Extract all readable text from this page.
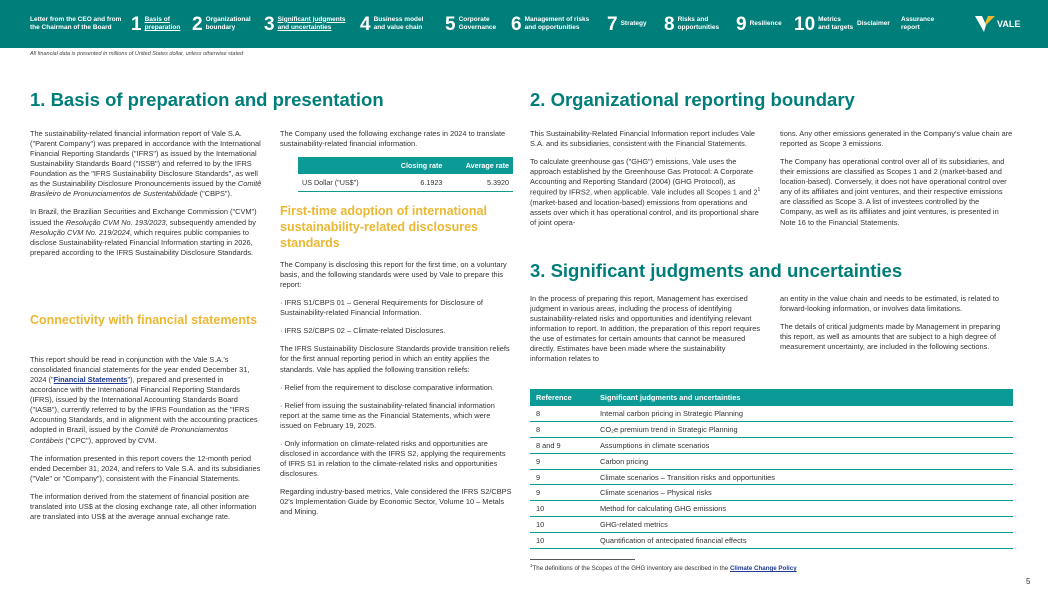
Letter from the CEO and from
the Chairman of the Board	1 Basis of
preparation 2 Organizational
boundary	3 Significant judgments
and uncertainties	4 Business model
and value chain 5 Corporate
Governance 6 Management of risks
and opportunities	7 Strategy 8 Risks and
opportunities 9 Resilience 10 Metrics
and targets
Disclaimer
Assurance
report	VALE
All financial data is presented in millions of United States dollar, unless otherwise stated
1. Basis of preparation and presentation

The sustainability-related financial information report of Vale S.A. ("Parent Company") was prepared in accordance with the International Financial Reporting Standards ("IFRS") as issued by the International Sustainability Standards Board ("ISSB") and referred to by the IFRS Foundation as the "IFRS Sustainability Disclosure Standards", as well as the Sustainability Disclosure Pronouncements issued by the Comitê Brasileiro de Pronunciamentos de Sustentabilidade ("CBPS").

In Brazil, the Brazilian Securities and Exchange Commission ("CVM") issued the Resolução CVM No. 193/2023, subsequently amended by Resolução CVM No. 219/2024, which requires public companies to disclose Sustainability-related Financial Information starting in 2026, prepared according to the IFRS Sustainability Disclosure Standards.

Connectivity with financial statements

This report should be read in conjunction with the Vale S.A.'s consolidated financial statements for the year ended December 31, 2024 ("Financial Statements"), prepared and presented in accordance with the International Financial Reporting Standards (IFRS), issued by the International Accounting Standards Board ("IASB"), currently referred to by the IFRS Foundation as the "IFRS Accounting Standards, and in alignment with the accounting practices adopted in Brazil, issued by the Comitê de Pronunciamentos Contábeis ("CPC"), approved by CVM.

The information presented in this report covers the 12-month period ended December 31, 2024, and refers to Vale S.A. and its subsidiaries ("Vale" or "Company"), consistent with the Financial Statements.

The information derived from the statement of financial position are translated into US$ at the closing exchange rate, all other information are translated into US$ at the average annual exchange rate.

The Company used the following exchange rates in 2024 to translate sustainability-related financial information.

	Closing rate	Average rate
US Dollar ("US$")	6.1923	5.3920
First-time adoption of international sustainability-related disclosures standards

The Company is disclosing this report for the first time, on a voluntary basis, and the following standards were used by Vale to prepare this report:

· IFRS S1/CBPS 01 – General Requirements for Disclosure of Sustainability-related Financial Information.

· IFRS S2/CBPS 02 – Climate-related Disclosures.

The IFRS Sustainability Disclosure Standards provide transition reliefs for the first annual reporting period in which an entity applies the standards. Vale has applied the following transition reliefs:

· Relief from the requirement to disclose comparative information.

· Relief from issuing the sustainability-related financial information report at the same time as the Financial Statements, which were issued on February 19, 2025.

· Only information on climate-related risks and opportunities are disclosed in accordance with the IFRS S2, applying the requirements of IFRS S1 in relation to the climate-related risks and opportunities disclosures.

Regarding industry-based metrics, Vale considered the IFRS S2/CBPS 02's Implementation Guide by Economic Sector, Volume 10 – Metals and Mining.

2. Organizational reporting boundary

This Sustainability-Related Financial Information report includes Vale S.A. and its subsidiaries, consistent with the Financial Statements.

To calculate greenhouse gas ("GHG") emissions, Vale uses the approach established by the Greenhouse Gas Protocol: A Corporate Accounting and Reporting Standard (2004) (GHG Protocol), as required by IFRS2, when applicable. Vale includes all Scopes 1 and $2^1$ (market-based and location-based) emissions from operations and assets over which it has operational control, and its proportional share of joint opera-

tions. Any other emissions generated in the Company's value chain are reported as Scope 3 emissions.

The Company has operational control over all of its subsidiaries, and their emissions are classified as Scopes 1 and 2 (market-based and location-based). Conversely, it does not have operational control over any of its affiliates and joint ventures, and their respective emissions are classified as Scope 3. A list of investees controlled by the Company, as well as its affiliates and joint ventures, is presented in Note 16 to the Financial Statements.

3. Significant judgments and uncertainties

In the process of preparing this report, Management has exercised judgment in various areas, including the process of identifying sustainability-related risks and opportunities and identifying relevant information to report. In addition, the preparation of this report requires the use of estimates for certain amounts that cannot be measured directly. Estimates have been made where the sustainability information relates to

an entity in the value chain and needs to be estimated, is related to forward-looking information, or involves data limitations.

The details of critical judgments made by Management in preparing this report, as well as amounts that are subject to a high degree of measurement uncertainty, are included in the following sections.

Reference	Significant judgments and uncertainties
8	Internal carbon pricing in Strategic Planning
8	CO₂e premium trend in Strategic Planning
8 and 9	Assumptions in climate scenarios
9	Carbon pricing
9	Climate scenarios – Transition risks and opportunities
9	Climate scenarios – Physical risks
10	Method for calculating GHG emissions
10	GHG-related metrics
10	Quantification of antecipated financial effects
$^1$The definitions of the Scopes of the GHG inventory are described in the Climate Change Policy
5
